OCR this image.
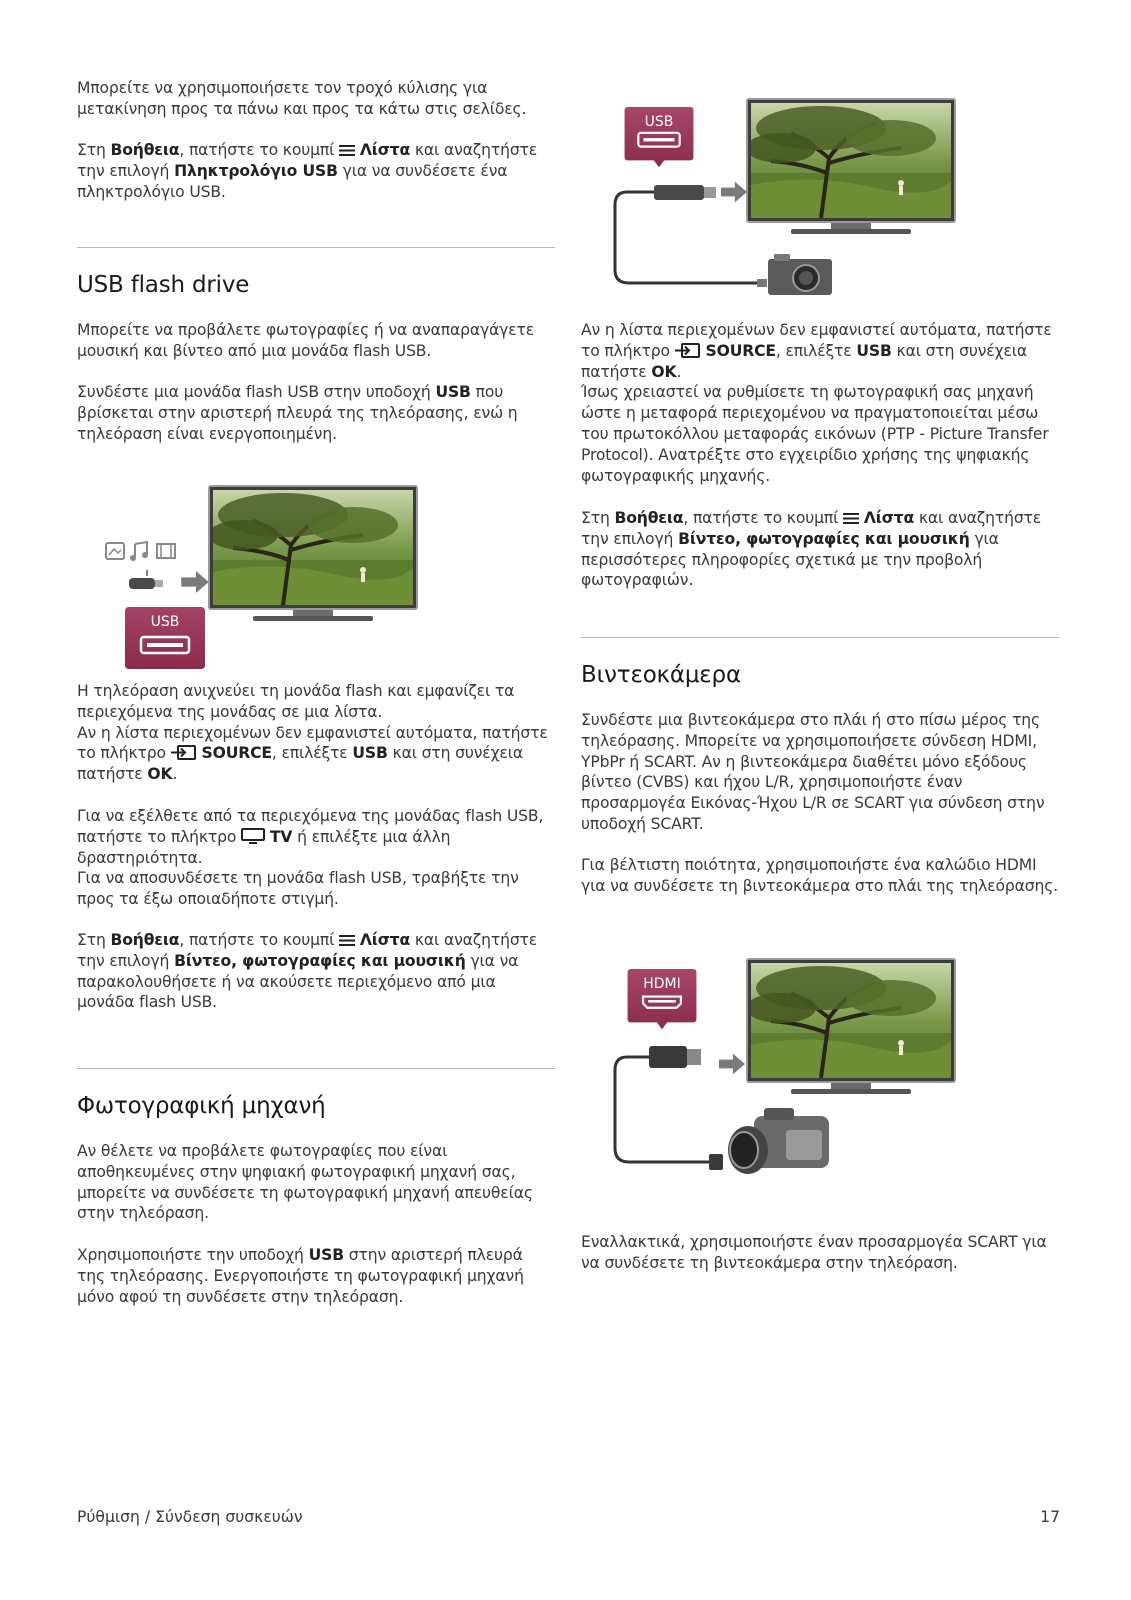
Μπορείτε να χρησιμοποιήσετε τον τροχό κύλισης για μετακίνηση προς τα πάνω και προς τα κάτω στις σελίδες.

Στη Βοήθεια, πατήστε το κουμπί  Λίστα και αναζητήστε την επιλογή Πληκτρολόγιο USB για να συνδέσετε ένα πληκτρολόγιο USB.

USB flash drive

Μπορείτε να προβάλετε φωτογραφίες ή να αναπαραγάγετε μουσική και βίντεο από μια μονάδα flash USB.

Συνδέστε μια μονάδα flash USB στην υποδοχή USB που βρίσκεται στην αριστερή πλευρά της τηλεόρασης, ενώ η τηλεόραση είναι ενεργοποιημένη.

USB

Η τηλεόραση ανιχνεύει τη μονάδα flash και εμφανίζει τα περιεχόμενα της μονάδας σε μια λίστα.
Αν η λίστα περιεχομένων δεν εμφανιστεί αυτόματα, πατήστε το πλήκτρο  SOURCE, επιλέξτε USB και στη συνέχεια πατήστε OK.

Για να εξέλθετε από τα περιεχόμενα της μονάδας flash USB, πατήστε το πλήκτρο  TV ή επιλέξτε μια άλλη δραστηριότητα.
Για να αποσυνδέσετε τη μονάδα flash USB, τραβήξτε την προς τα έξω οποιαδήποτε στιγμή.

Στη Βοήθεια, πατήστε το κουμπί  Λίστα και αναζητήστε την επιλογή Βίντεο, φωτογραφίες και μουσική για να παρακολουθήσετε ή να ακούσετε περιεχόμενο από μια μονάδα flash USB.

Φωτογραφική μηχανή

Αν θέλετε να προβάλετε φωτογραφίες που είναι αποθηκευμένες στην ψηφιακή φωτογραφική μηχανή σας, μπορείτε να συνδέσετε τη φωτογραφική μηχανή απευθείας στην τηλεόραση.

Χρησιμοποιήστε την υποδοχή USB στην αριστερή πλευρά της τηλεόρασης. Ενεργοποιήστε τη φωτογραφική μηχανή μόνο αφού τη συνδέσετε στην τηλεόραση.

USB

Αν η λίστα περιεχομένων δεν εμφανιστεί αυτόματα, πατήστε το πλήκτρο  SOURCE, επιλέξτε USB και στη συνέχεια πατήστε OK.
Ίσως χρειαστεί να ρυθμίσετε τη φωτογραφική σας μηχανή ώστε η μεταφορά περιεχομένου να πραγματοποιείται μέσω του πρωτοκόλλου μεταφοράς εικόνων (PTP - Picture Transfer Protocol). Ανατρέξτε στο εγχειρίδιο χρήσης της ψηφιακής φωτογραφικής μηχανής.

Στη Βοήθεια, πατήστε το κουμπί  Λίστα και αναζητήστε την επιλογή Βίντεο, φωτογραφίες και μουσική για περισσότερες πληροφορίες σχετικά με την προβολή φωτογραφιών.

Βιντεοκάμερα

Συνδέστε μια βιντεοκάμερα στο πλάι ή στο πίσω μέρος της τηλεόρασης. Μπορείτε να χρησιμοποιήσετε σύνδεση HDMI, YPbPr ή SCART. Αν η βιντεοκάμερα διαθέτει μόνο εξόδους βίντεο (CVBS) και ήχου L/R, χρησιμοποιήστε έναν προσαρμογέα Εικόνας-Ήχου L/R σε SCART για σύνδεση στην υποδοχή SCART.

Για βέλτιστη ποιότητα, χρησιμοποιήστε ένα καλώδιο HDMI για να συνδέσετε τη βιντεοκάμερα στο πλάι της τηλεόρασης.

HDMI

Εναλλακτικά, χρησιμοποιήστε έναν προσαρμογέα SCART για να συνδέσετε τη βιντεοκάμερα στην τηλεόραση.

Ρύθμιση / Σύνδεση συσκευών	17
